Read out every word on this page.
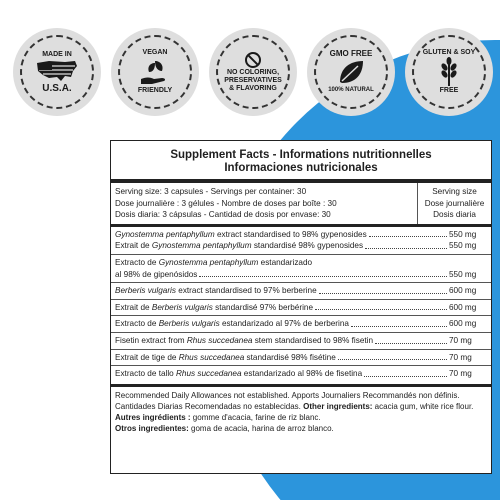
MADE IN
U.S.A.
VEGAN
FRIENDLY
NO COLORING,
PRESERVATIVES
& FLAVORING
GMO FREE
100% NATURAL
GLUTEN & SOY
FREE
Supplement Facts - Informations nutritionnelles
Informaciones nutricionales
Serving size: 3 capsules - Servings per container: 30
Dose journalière : 3 gélules - Nombre de doses par boîte : 30
Dosis diaria: 3 cápsulas - Cantidad de dosis por envase: 30
Serving size
Dose journalière
Dosis diaria
Gynostemma pentaphyllum extract standardised to 98% gypenosides	550 mg
Extrait de Gynostemma pentaphyllum standardisé 98% gypenosides	550 mg
Extracto de Gynostemma pentaphyllum estandarizado
al 98% de gipenósidos	550 mg
Berberis vulgaris extract standardised to 97% berberine	600 mg
Extrait de Berberis vulgaris standardisé 97% berbérine	600 mg
Extracto de Berberis vulgaris estandarizado al 97% de berberina	600 mg
Fisetin extract from Rhus succedanea stem standardised to 98% fisetin	70 mg
Extrait de tige de Rhus succedanea standardisé 98% fisétine	70 mg
Extracto de tallo Rhus succedanea estandarizado al 98% de fisetina	70 mg
Recommended Daily Allowances not established. Apports Journaliers Recommandés non définis. Cantidades Diarias Recomendadas no establecidas. Other ingredients: acacia gum, white rice flour. Autres ingrédients : gomme d'acacia, farine de riz blanc.
Otros ingredientes: goma de acacia, harina de arroz blanco.
